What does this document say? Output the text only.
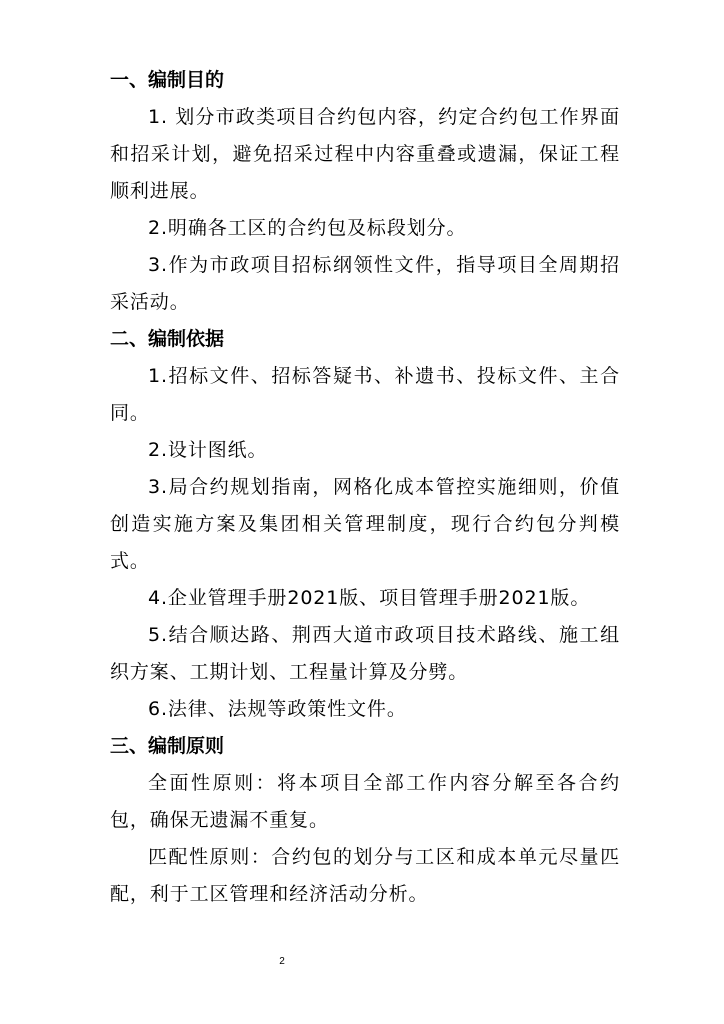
一、编制目的

1. 划分市政类项目合约包内容，约定合约包工作界面和招采计划，避免招采过程中内容重叠或遗漏，保证工程顺利进展。

2.明确各工区的合约包及标段划分。

3.作为市政项目招标纲领性文件，指导项目全周期招采活动。

二、编制依据

1.招标文件、招标答疑书、补遗书、投标文件、主合同。

2.设计图纸。

3.局合约规划指南，网格化成本管控实施细则，价值创造实施方案及集团相关管理制度，现行合约包分判模式。

4.企业管理手册2021版、项目管理手册2021版。

5.结合顺达路、荆西大道市政项目技术路线、施工组织方案、工期计划、工程量计算及分劈。

6.法律、法规等政策性文件。

三、编制原则

全面性原则：将本项目全部工作内容分解至各合约包，确保无遗漏不重复。

匹配性原则：合约包的划分与工区和成本单元尽量匹配，利于工区管理和经济活动分析。

2
